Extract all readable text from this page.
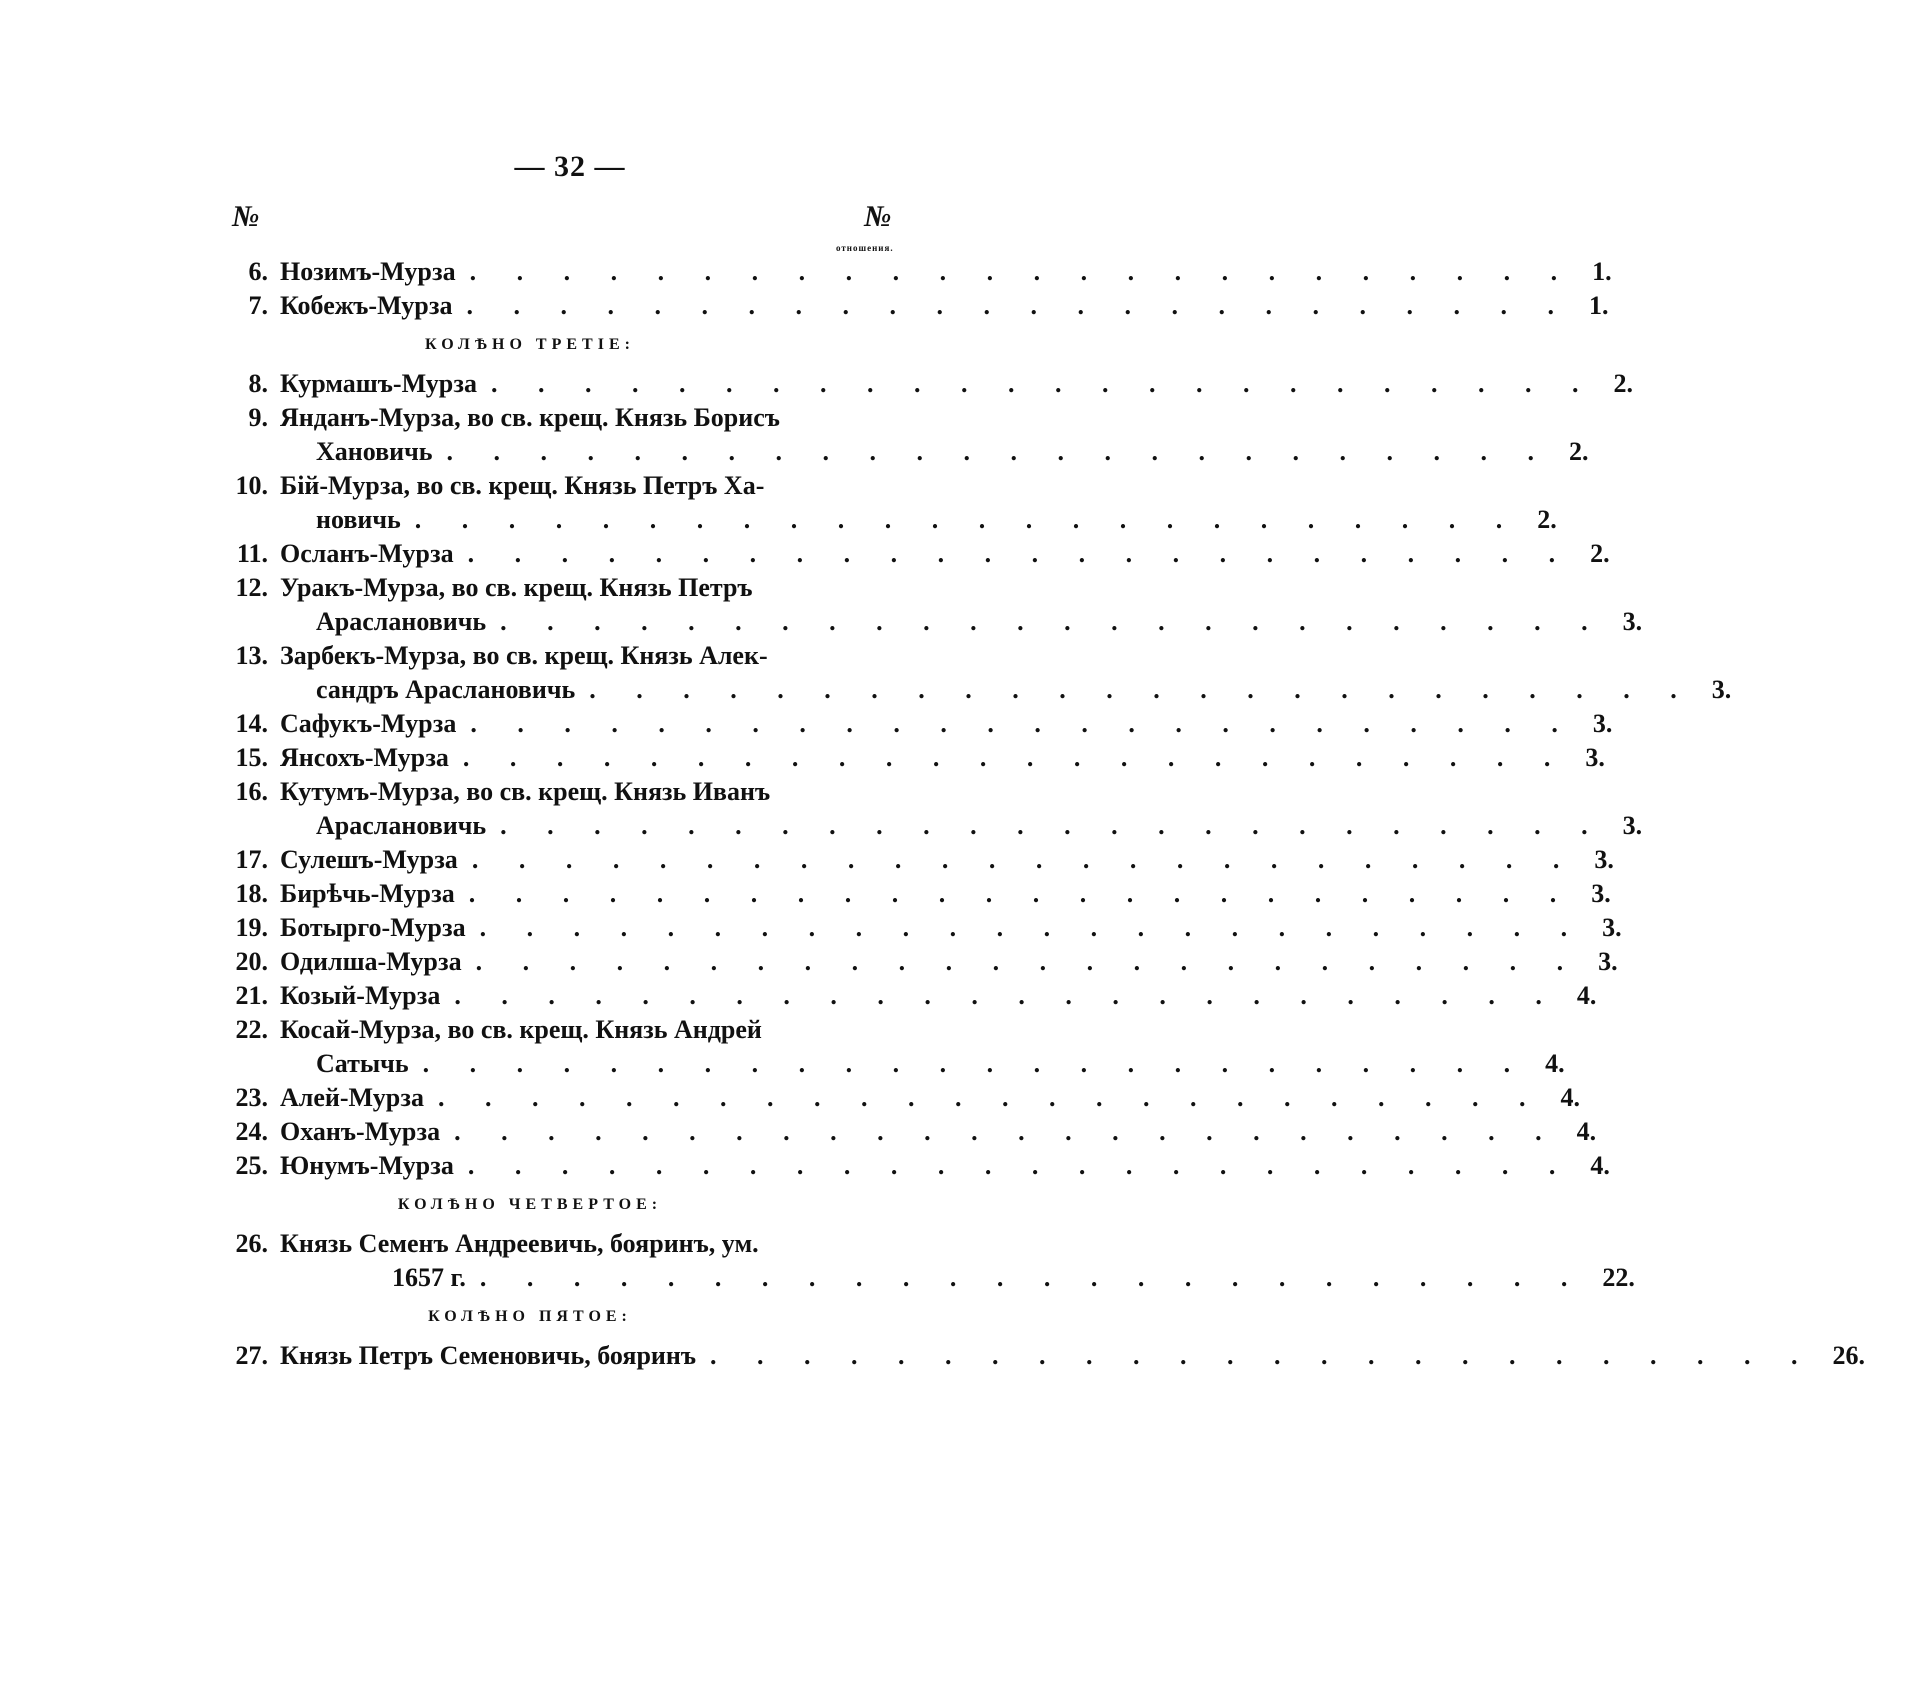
— 32 —
№	№
отношения.
6. Нозимъ-Мурза . . . . . . . . . . . . . . . . . . . . . . . . 1.
7. Кобежъ-Мурза . . . . . . . . . . . . . . . . . . . . . . . . 1.
КОЛѢНО ТРЕТІЕ:
8. Курмашъ-Мурза . . . . . . . . . . . . . . . . . . . . . . . . 2.
9. Янданъ-Мурза, во св. крещ. Князь Борисъ
Хановичь . . . . . . . . . . . . . . . . . . . . . . . . 2.
10. Бій-Мурза, во св. крещ. Князь Петръ Ха-
новичь . . . . . . . . . . . . . . . . . . . . . . . . 2.
11. Осланъ-Мурза . . . . . . . . . . . . . . . . . . . . . . . . 2.
12. Уракъ-Мурза, во св. крещ. Князь Петръ
Араслановичь . . . . . . . . . . . . . . . . . . . . . . . . 3.
13. Зарбекъ-Мурза, во св. крещ. Князь Алек-
сандръ Араслановичь . . . . . . . . . . . . . . . . . . . . . . . . 3.
14. Сафукъ-Мурза . . . . . . . . . . . . . . . . . . . . . . . . 3.
15. Янсохъ-Мурза . . . . . . . . . . . . . . . . . . . . . . . . 3.
16. Кутумъ-Мурза, во св. крещ. Князь Иванъ
Араслановичь . . . . . . . . . . . . . . . . . . . . . . . . 3.
17. Сулешъ-Мурза . . . . . . . . . . . . . . . . . . . . . . . . 3.
18. Бирѣчь-Мурза . . . . . . . . . . . . . . . . . . . . . . . . 3.
19. Ботырго-Мурза . . . . . . . . . . . . . . . . . . . . . . . . 3.
20. Одилша-Мурза . . . . . . . . . . . . . . . . . . . . . . . . 3.
21. Козый-Мурза . . . . . . . . . . . . . . . . . . . . . . . . 4.
22. Косай-Мурза, во св. крещ. Князь Андрей
Сатычь . . . . . . . . . . . . . . . . . . . . . . . . 4.
23. Алей-Мурза . . . . . . . . . . . . . . . . . . . . . . . . 4.
24. Оханъ-Мурза . . . . . . . . . . . . . . . . . . . . . . . . 4.
25. Юнумъ-Мурза . . . . . . . . . . . . . . . . . . . . . . . . 4.
КОЛѢНО ЧЕТВЕРТОЕ:
26. Князь Семенъ Андреевичь, бояринъ, ум.
1657 г. . . . . . . . . . . . . . . . . . . . . . . . . 22.
КОЛѢНО ПЯТОЕ:
27. Князь Петръ Семеновичь, бояринъ . . . . . . . . . . . . . . . . . . . . . . . . 26.
